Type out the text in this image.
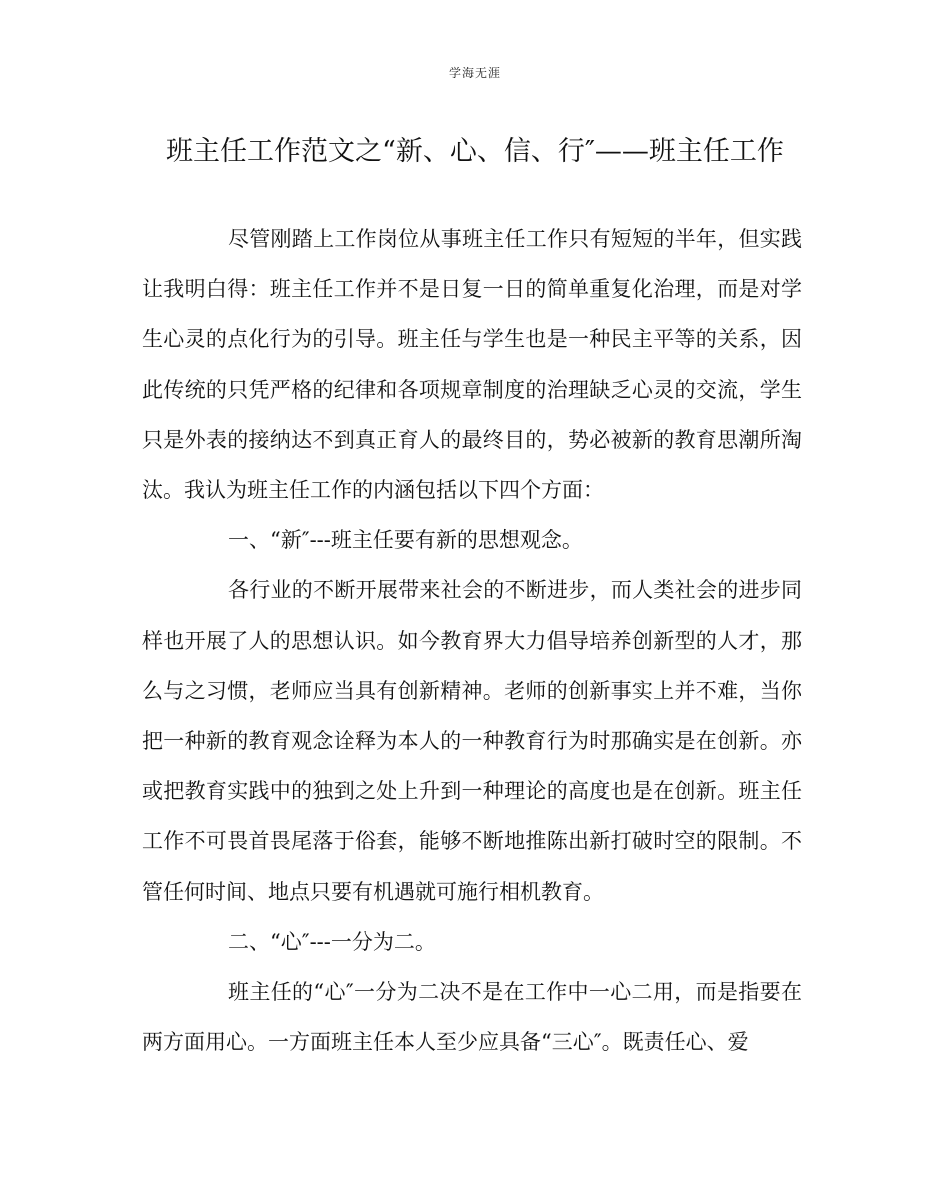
学海无涯
班主任工作范文之“新、心、信、行″——班主任工作

尽管刚踏上工作岗位从事班主任工作只有短短的半年，但实践让我明白得：班主任工作并不是日复一日的简单重复化治理，而是对学生心灵的点化行为的引导。班主任与学生也是一种民主平等的关系，因此传统的只凭严格的纪律和各项规章制度的治理缺乏心灵的交流，学生只是外表的接纳达不到真正育人的最终目的，势必被新的教育思潮所淘汰。我认为班主任工作的内涵包括以下四个方面：

一、“新″---班主任要有新的思想观念。

各行业的不断开展带来社会的不断进步，而人类社会的进步同样也开展了人的思想认识。如今教育界大力倡导培养创新型的人才，那么与之习惯，老师应当具有创新精神。老师的创新事实上并不难，当你把一种新的教育观念诠释为本人的一种教育行为时那确实是在创新。亦或把教育实践中的独到之处上升到一种理论的高度也是在创新。班主任工作不可畏首畏尾落于俗套，能够不断地推陈出新打破时空的限制。不管任何时间、地点只要有机遇就可施行相机教育。

二、“心″---一分为二。

班主任的“心″一分为二决不是在工作中一心二用，而是指要在两方面用心。一方面班主任本人至少应具备“三心″。既责任心、爱
